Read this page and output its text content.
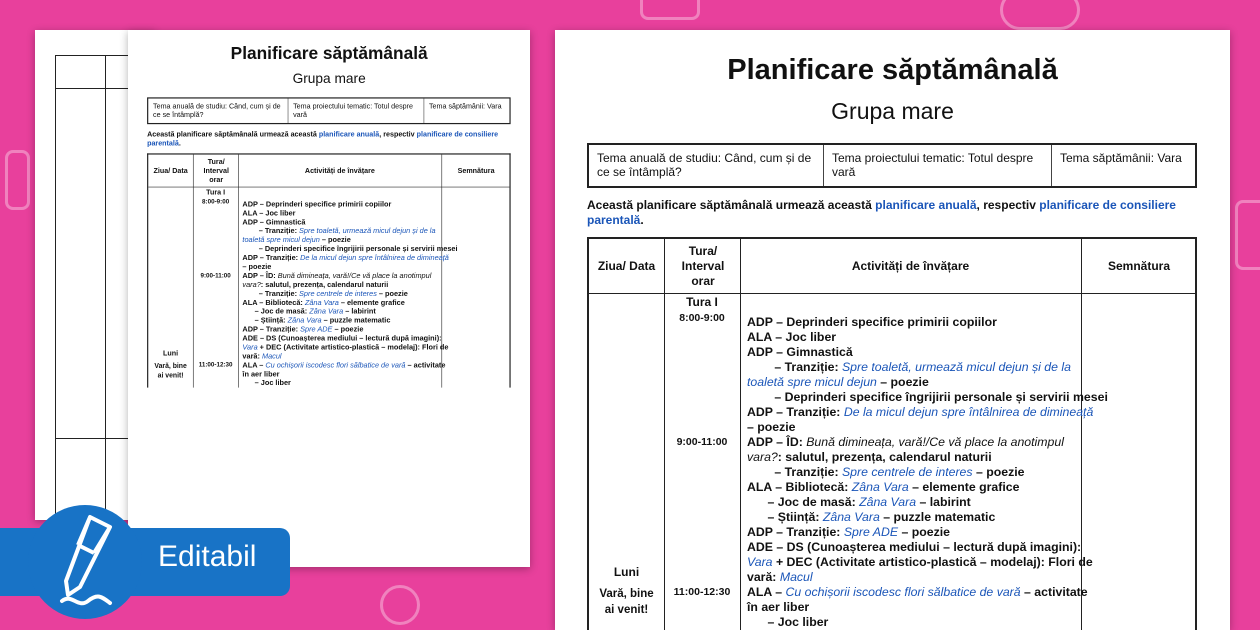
Planificare săptămânală
Grupa mare
Tema anuală de studiu: Când, cum și de ce se întâmplă?
Tema proiectului tematic: Totul despre vară
Tema săptămânii: Vara
Această planificare săptămânală urmează această planificare anuală, respectiv planificare de consiliere parentală.
Ziua/ Data
Tura/ Interval orar
Activități de învățare	Semnătura
Tura I
8:00-9:00
9:00-11:00
11:00-12:30
Luni
Vară, bine ai venit!
ADP – Deprinderi specifice primirii copiilor
ALA – Joc liber
ADP – Gimnastică
– Tranziție: Spre toaletă, urmează micul dejun și de la
toaletă spre micul dejun – poezie
– Deprinderi specifice îngrijirii personale și servirii mesei
ADP – Tranziție: De la micul dejun spre întâlnirea de dimineață
– poezie
ADP – ÎD: Bună dimineața, vară!/Ce vă place la anotimpul
vara?: salutul, prezența, calendarul naturii
– Tranziție: Spre centrele de interes – poezie
ALA – Bibliotecă: Zâna Vara – elemente grafice
– Joc de masă: Zâna Vara – labirint
– Știință: Zâna Vara – puzzle matematic
ADP – Tranziție: Spre ADE – poezie
ADE – DS (Cunoașterea mediului – lectură după imagini):
Vara + DEC (Activitate artistico-plastică – modelaj): Flori de
vară: Macul
ALA – Cu ochișorii iscodesc flori sălbatice de vară – activitate
în aer liber
– Joc liber
Planificare săptămânală
Grupa mare
Tema anuală de studiu: Când, cum și de ce se întâmplă?
Tema proiectului tematic: Totul despre vară
Tema săptămânii: Vara
Această planificare săptămânală urmează această planificare anuală, respectiv planificare de consiliere parentală.
Ziua/ Data
Tura/ Interval orar
Activități de învățare	Semnătura
Tura I
8:00-9:00
9:00-11:00
11:00-12:30
Luni
Vară, bine ai venit!
ADP – Deprinderi specifice primirii copiilor
ALA – Joc liber
ADP – Gimnastică
– Tranziție: Spre toaletă, urmează micul dejun și de la
toaletă spre micul dejun – poezie
– Deprinderi specifice îngrijirii personale și servirii mesei
ADP – Tranziție: De la micul dejun spre întâlnirea de dimineață
– poezie
ADP – ÎD: Bună dimineața, vară!/Ce vă place la anotimpul
vara?: salutul, prezența, calendarul naturii
– Tranziție: Spre centrele de interes – poezie
ALA – Bibliotecă: Zâna Vara – elemente grafice
– Joc de masă: Zâna Vara – labirint
– Știință: Zâna Vara – puzzle matematic
ADP – Tranziție: Spre ADE – poezie
ADE – DS (Cunoașterea mediului – lectură după imagini):
Vara + DEC (Activitate artistico-plastică – modelaj): Flori de
vară: Macul
ALA – Cu ochișorii iscodesc flori sălbatice de vară – activitate
în aer liber
– Joc liber
Editabil
